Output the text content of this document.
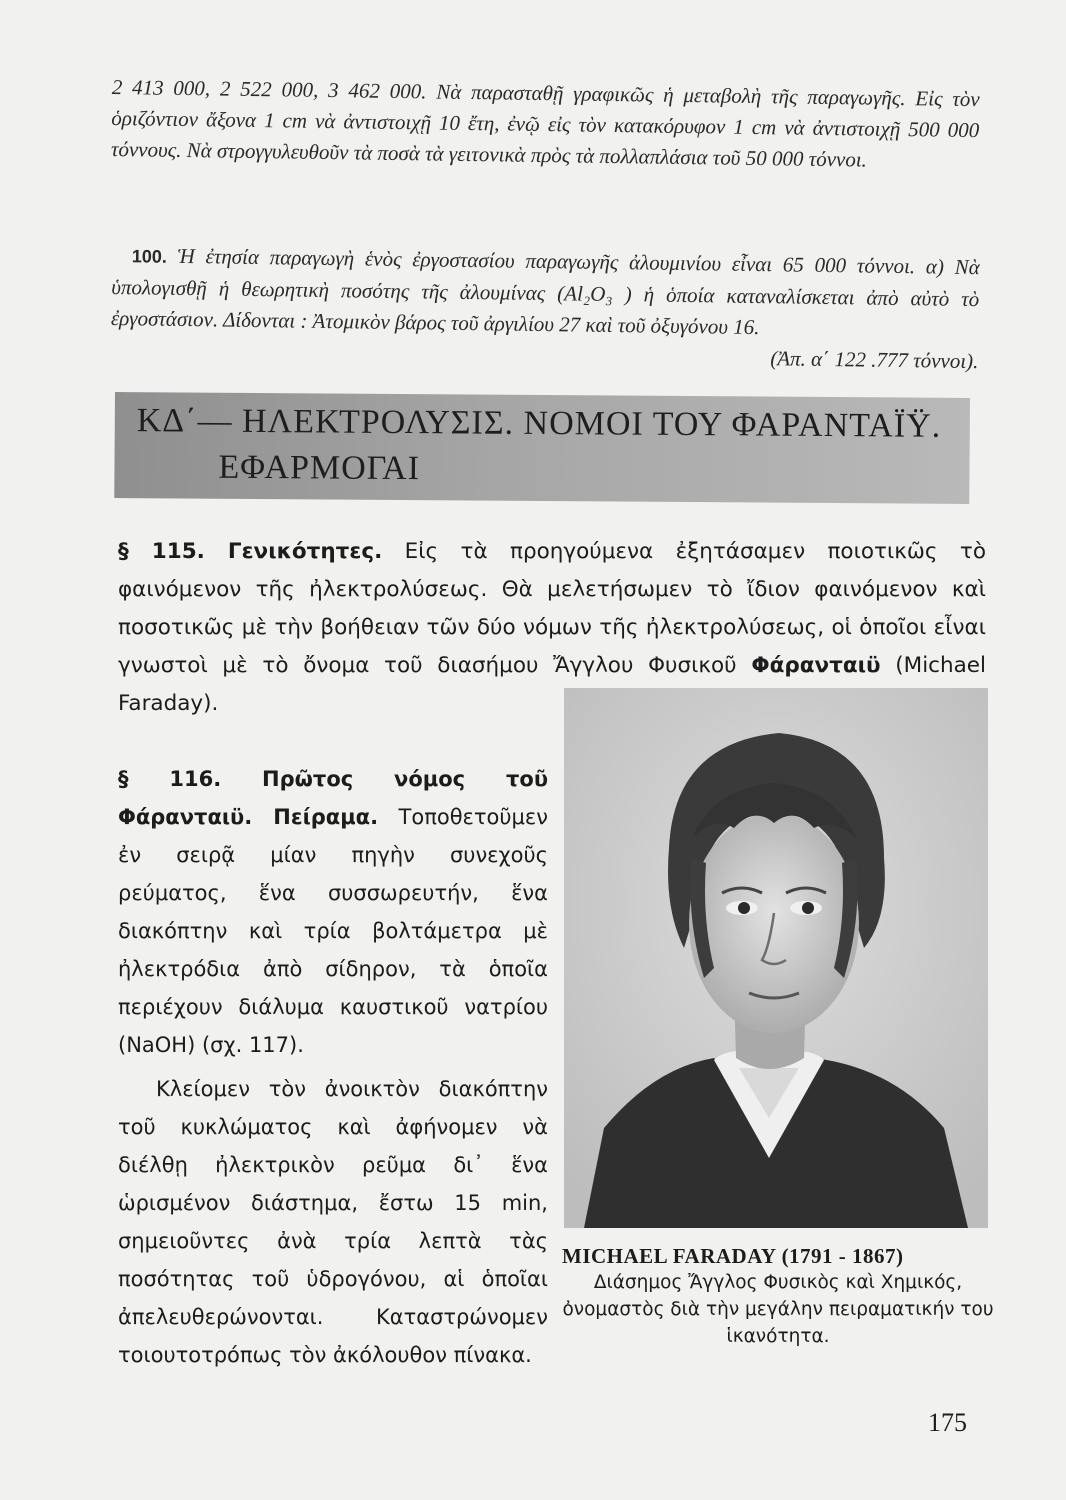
2 413 000, 2 522 000, 3 462 000. Νὰ παρασταθῇ γραφικῶς ἡ μεταβολὴ τῆς παραγωγῆς. Εἰς τὸν ὁριζόντιον ἄξονα 1 cm νὰ ἀντιστοιχῇ 10 ἔτη, ἐνῷ εἰς τὸν κατακόρυφον 1 cm νὰ ἀντιστοιχῇ 500 000 τόννους. Νὰ στρογγυλευθοῦν τὰ ποσὰ τὰ γειτονικὰ πρὸς τὰ πολλαπλάσια τοῦ 50 000 τόννοι.
100. Ἡ ἐτησία παραγωγὴ ἑνὸς ἐργοστασίου παραγωγῆς ἀλουμινίου εἶναι 65 000 τόννοι. α) Νὰ ὑπολογισθῇ ἡ θεωρητικὴ ποσότης τῆς ἀλουμίνας (Al₂O₃ ) ἡ ὁποία καταναλίσκεται ἀπὸ αὐτὸ τὸ ἐργοστάσιον. Δίδονται : Ἀτομικὸν βάρος τοῦ ἀργιλίου 27 καὶ τοῦ ὀξυγόνου 16.
(Ἀπ. α΄ 122 .777 τόννοι).
ΚΔ΄— ΗΛΕΚΤΡΟΛΥΣΙΣ. ΝΟΜΟΙ ΤΟΥ ΦΑΡΑΝΤΑΪΫ.
ΕΦΑΡΜΟΓΑΙ
§ 115. Γενικότητες. Εἰς τὰ προηγούμενα ἐξητάσαμεν ποιοτικῶς τὸ φαινόμενον τῆς ἠλεκτρολύσεως. Θὰ μελετήσωμεν τὸ ἴδιον φαινόμενον καὶ ποσοτικῶς μὲ τὴν βοήθειαν τῶν δύο νόμων τῆς ἠλεκτρολύσεως, οἱ ὁποῖοι εἶναι γνωστοὶ μὲ τὸ ὄνομα τοῦ διασήμου Ἄγγλου Φυσικοῦ Φάρανταιϋ (Michael Faraday).

§ 116. Πρῶτος νόμος τοῦ Φάρανταιϋ. Πείραμα. Τοποθετοῦμεν ἐν σειρᾷ μίαν πηγὴν συνεχοῦς ρεύματος, ἕνα συσσωρευτήν, ἕνα διακόπτην καὶ τρία βολτάμετρα μὲ ἠλεκτρόδια ἀπὸ σίδηρον, τὰ ὁποῖα περιέχουν διάλυμα καυστικοῦ νατρίου (NaOH) (σχ. 117).

Κλείομεν τὸν ἀνοικτὸν διακόπτην τοῦ κυκλώματος καὶ ἀφήνομεν νὰ διέλθῃ ἠλεκτρικὸν ρεῦμα δι᾽ ἕνα ὡρισμένον διάστημα, ἔστω 15 min, σημειοῦντες ἀνὰ τρία λεπτὰ τὰς ποσότητας τοῦ ὑδρογόνου, αἱ ὁποῖαι ἀπελευθερώνονται. Καταστρώνομεν τοιουτοτρόπως τὸν ἀκόλουθον πίνακα.

MICHAEL FARADAY (1791 - 1867)
Διάσημος Ἄγγλος Φυσικὸς καὶ Χημικός, ὀνομαστὸς διὰ τὴν μεγάλην πειραματικήν του ἱκανότητα.
175
